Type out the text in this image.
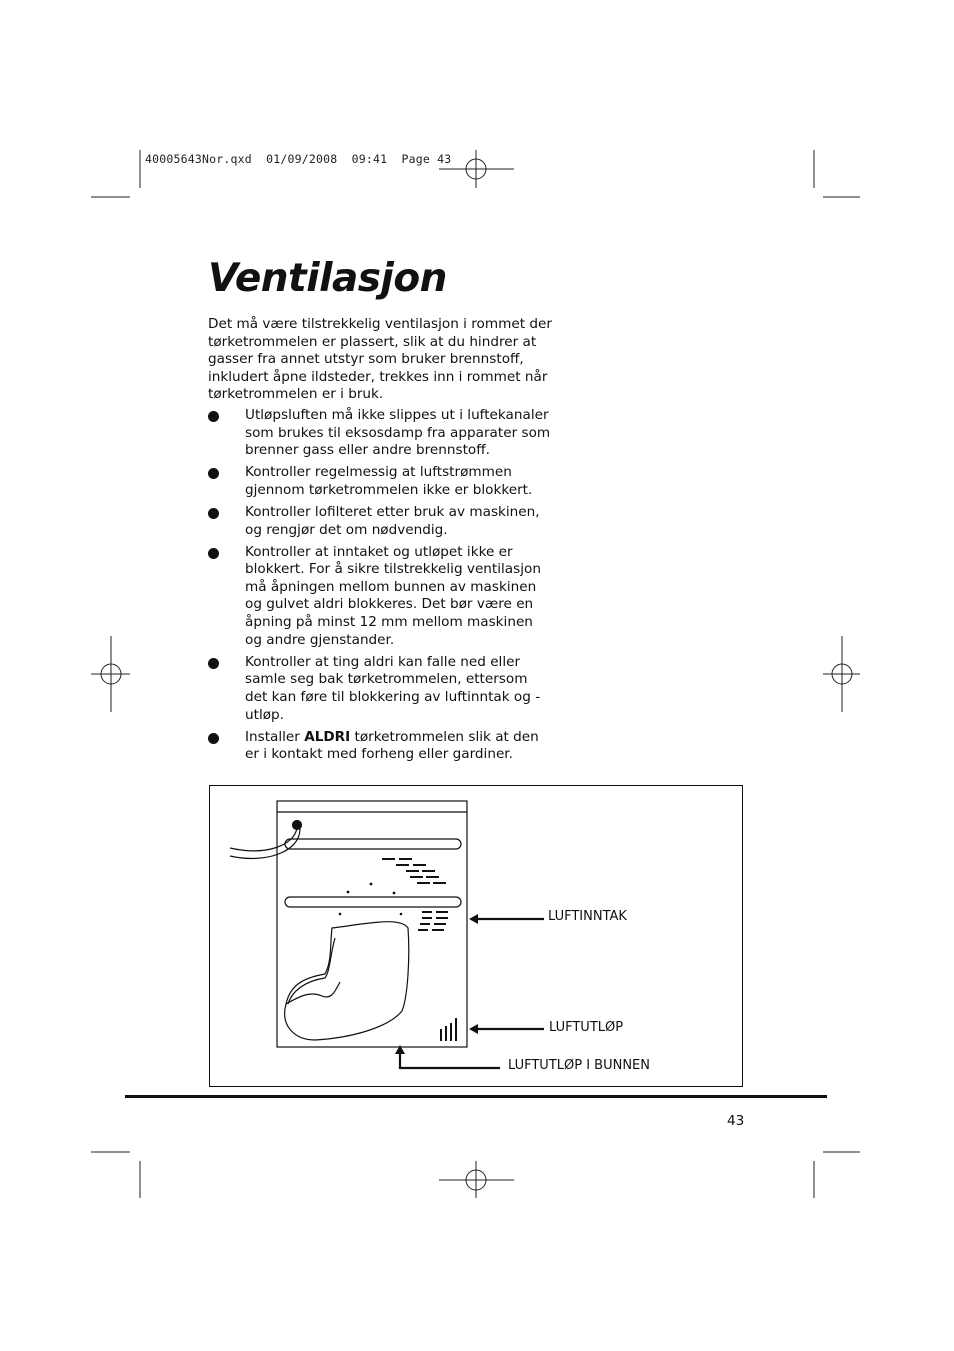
40005643Nor.qxd  01/09/2008  09:41  Page 43
Ventilasjon

Det må være tilstrekkelig ventilasjon i rommet der tørketrommelen er plassert, slik at du hindrer at gasser fra annet utstyr som bruker brennstoff, inkludert åpne ildsteder, trekkes inn i rommet når tørketrommelen er i bruk.

Utløpsluften må ikke slippes ut i luftekanaler som brukes til eksosdamp fra apparater som brenner gass eller andre brennstoff.
Kontroller regelmessig at luftstrømmen gjennom tørketrommelen ikke er blokkert.
Kontroller lofilteret etter bruk av maskinen, og rengjør det om nødvendig.
Kontroller at inntaket og utløpet ikke er blokkert. For å sikre tilstrekkelig ventilasjon må åpningen mellom bunnen av maskinen og gulvet aldri blokkeres. Det bør være en åpning på minst 12 mm mellom maskinen og andre gjenstander.
Kontroller at ting aldri kan falle ned eller samle seg bak tørketrommelen, ettersom det kan føre til blokkering av luftinntak og -utløp.
Installer ALDRI tørketrommelen slik at den er i kontakt med forheng eller gardiner.
LUFTINNTAK
LUFTUTLØP
LUFTUTLØP I BUNNEN
43
